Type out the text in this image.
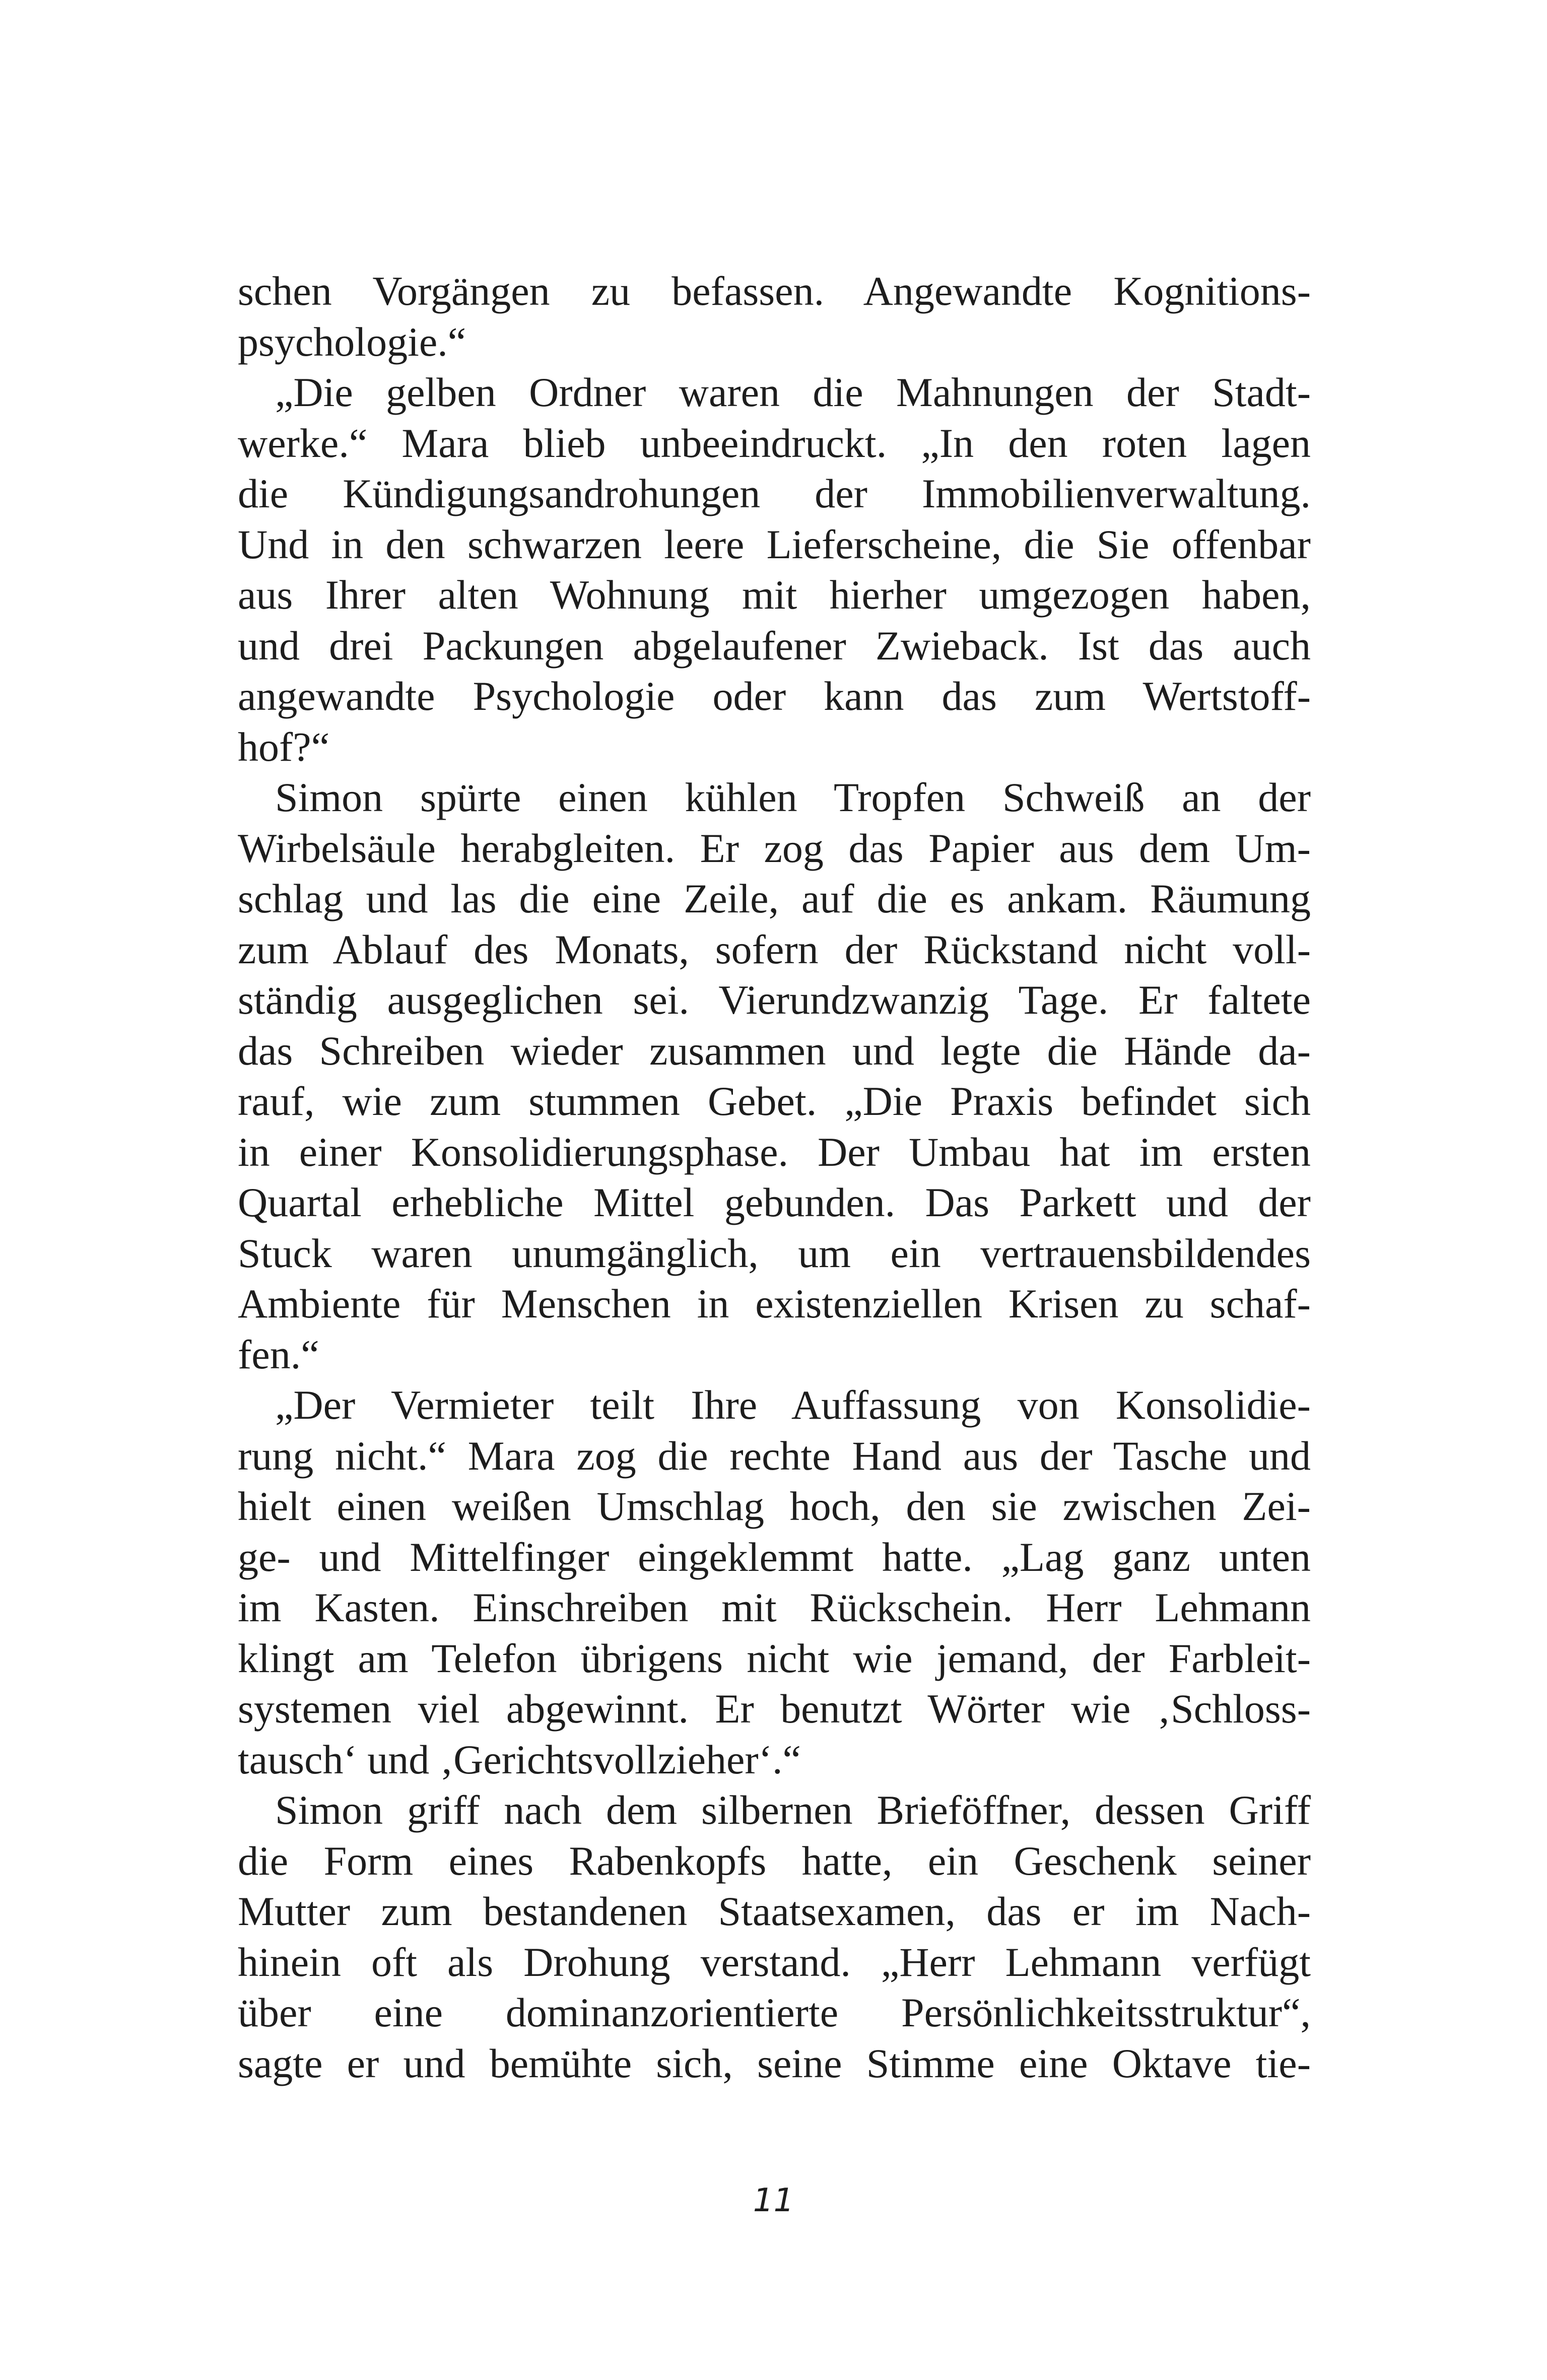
schen Vorgängen zu befassen. Angewandte Kognitions-
psychologie.“
„Die gelben Ordner waren die Mahnungen der Stadt-
werke.“ Mara blieb unbeeindruckt. „In den roten lagen
die Kündigungsandrohungen der Immobilienverwaltung.
Und in den schwarzen leere Lieferscheine, die Sie offenbar
aus Ihrer alten Wohnung mit hierher umgezogen haben,
und drei Packungen abgelaufener Zwieback. Ist das auch
angewandte Psychologie oder kann das zum Wertstoff-
hof?“
Simon spürte einen kühlen Tropfen Schweiß an der
Wirbelsäule herabgleiten. Er zog das Papier aus dem Um-
schlag und las die eine Zeile, auf die es ankam. Räumung
zum Ablauf des Monats, sofern der Rückstand nicht voll-
ständig ausgeglichen sei. Vierundzwanzig Tage. Er faltete
das Schreiben wieder zusammen und legte die Hände da-
rauf, wie zum stummen Gebet. „Die Praxis befindet sich
in einer Konsolidierungsphase. Der Umbau hat im ersten
Quartal erhebliche Mittel gebunden. Das Parkett und der
Stuck waren unumgänglich, um ein vertrauensbildendes
Ambiente für Menschen in existenziellen Krisen zu schaf-
fen.“
„Der Vermieter teilt Ihre Auffassung von Konsolidie-
rung nicht.“ Mara zog die rechte Hand aus der Tasche und
hielt einen weißen Umschlag hoch, den sie zwischen Zei-
ge- und Mittelfinger eingeklemmt hatte. „Lag ganz unten
im Kasten. Einschreiben mit Rückschein. Herr Lehmann
klingt am Telefon übrigens nicht wie jemand, der Farbleit-
systemen viel abgewinnt. Er benutzt Wörter wie ‚Schloss-
tausch‘ und ‚Gerichtsvollzieher‘.“
Simon griff nach dem silbernen Brieföffner, dessen Griff
die Form eines Rabenkopfs hatte, ein Geschenk seiner
Mutter zum bestandenen Staatsexamen, das er im Nach-
hinein oft als Drohung verstand. „Herr Lehmann verfügt
über eine dominanzorientierte Persönlichkeitsstruktur“,
sagte er und bemühte sich, seine Stimme eine Oktave tie-
11
